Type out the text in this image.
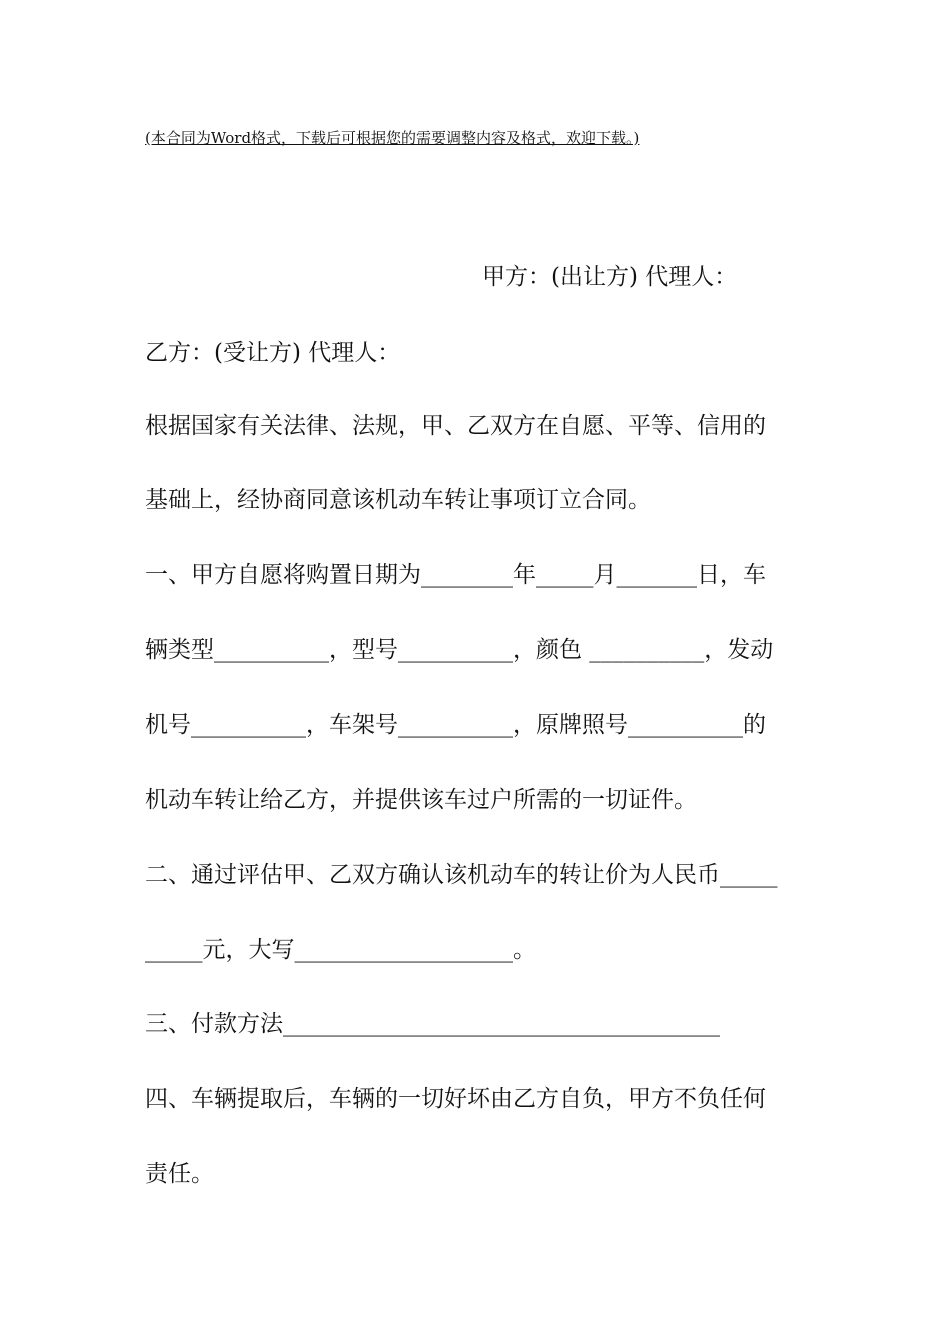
(本合同为Word格式，下载后可根据您的需要调整内容及格式，欢迎下载。)
甲方：(出让方) 代理人：
乙方：(受让方) 代理人：
根据国家有关法律、法规，甲、乙双方在自愿、平等、信用的
基础上，经协商同意该机动车转让事项订立合同。
一、甲方自愿将购置日期为________年_____月_______日，车
辆类型__________，型号__________，颜色 __________，发动
机号__________，车架号__________，原牌照号__________的
机动车转让给乙方，并提供该车过户所需的一切证件。
二、通过评估甲、乙双方确认该机动车的转让价为人民币_____
_____元，大写___________________。
三、付款方法______________________________________
四、车辆提取后，车辆的一切好坏由乙方自负，甲方不负任何
责任。
